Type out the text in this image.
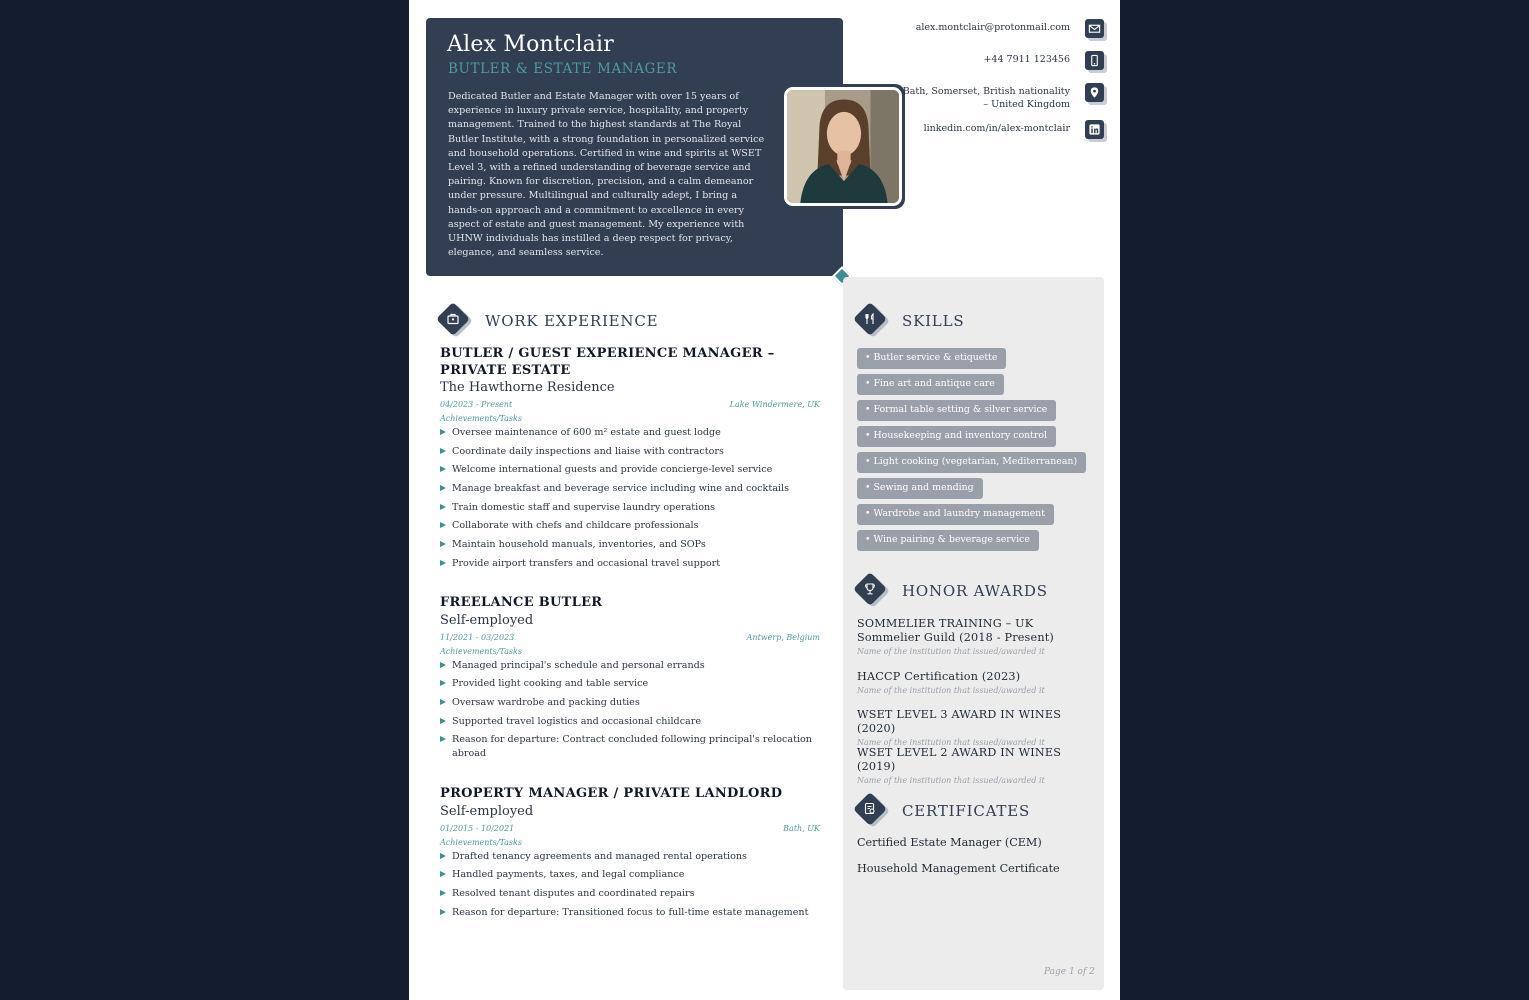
Alex Montclair
BUTLER & ESTATE MANAGER
Dedicated Butler and Estate Manager with over 15 years of experience in luxury private service, hospitality, and property management. Trained to the highest standards at The Royal Butler Institute, with a strong foundation in personalized service and household operations. Certified in wine and spirits at WSET Level 3, with a refined understanding of beverage service and pairing. Known for discretion, precision, and a calm demeanor under pressure. Multilingual and culturally adept, I bring a hands-on approach and a commitment to excellence in every aspect of estate and guest management. My experience with UHNW individuals has instilled a deep respect for privacy, elegance, and seamless service.
alex.montclair@protonmail.com
+44 7911 123456
Bath, Somerset, British nationality
– United Kingdom
linkedin.com/in/alex-montclair
WORK EXPERIENCE
BUTLER / GUEST EXPERIENCE MANAGER –
PRIVATE ESTATE
The Hawthorne Residence
04/2023 - Present	Lake Windermere, UK
Achievements/Tasks
Oversee maintenance of 600 m² estate and guest lodge
Coordinate daily inspections and liaise with contractors
Welcome international guests and provide concierge-level service
Manage breakfast and beverage service including wine and cocktails
Train domestic staff and supervise laundry operations
Collaborate with chefs and childcare professionals
Maintain household manuals, inventories, and SOPs
Provide airport transfers and occasional travel support
FREELANCE BUTLER
Self-employed
11/2021 - 03/2023	Antwerp, Belgium
Achievements/Tasks
Managed principal's schedule and personal errands
Provided light cooking and table service
Oversaw wardrobe and packing duties
Supported travel logistics and occasional childcare
Reason for departure: Contract concluded following principal's relocation abroad
PROPERTY MANAGER / PRIVATE LANDLORD
Self-employed
01/2015 - 10/2021	Bath, UK
Achievements/Tasks
Drafted tenancy agreements and managed rental operations
Handled payments, taxes, and legal compliance
Resolved tenant disputes and coordinated repairs
Reason for departure: Transitioned focus to full-time estate management
SKILLS
• Butler service & etiquette
• Fine art and antique care
• Formal table setting & silver service
• Housekeeping and inventory control
• Light cooking (vegetarian, Mediterranean)
• Sewing and mending
• Wardrobe and laundry management
• Wine pairing & beverage service
HONOR AWARDS
SOMMELIER TRAINING – UK Sommelier Guild (2018 - Present)
Name of the institution that issued/awarded it
HACCP Certification (2023)
Name of the institution that issued/awarded it
WSET LEVEL 3 AWARD IN WINES (2020)
Name of the institution that issued/awarded it
WSET LEVEL 2 AWARD IN WINES (2019)
Name of the institution that issued/awarded it
CERTIFICATES
Certified Estate Manager (CEM)
Household Management Certificate
Page 1 of 2
